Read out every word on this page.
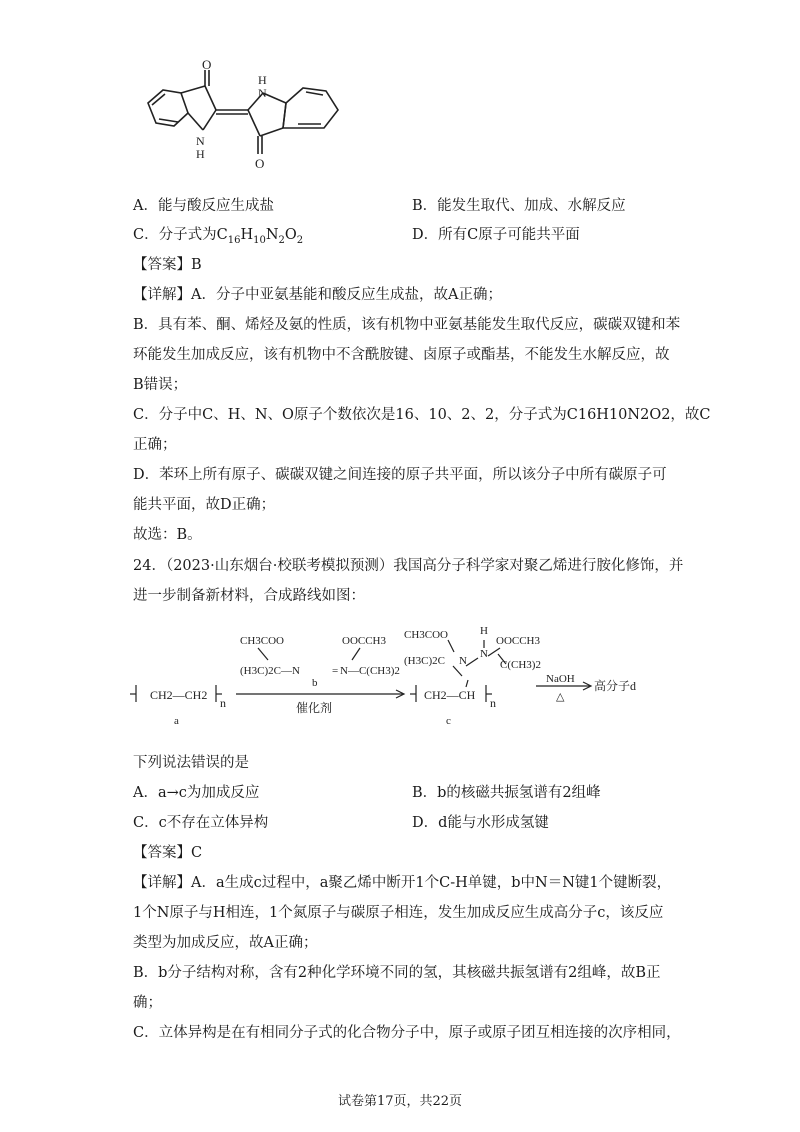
O
N
H
H
N
O
A．能与酸反应生成盐	B．能发生取代、加成、水解反应
C．分子式为$C_{16}H_{10}N_2O_2$	D．所有C原子可能共平面
【答案】B
【详解】A．分子中亚氨基能和酸反应生成盐，故A正确；
B．具有苯、酮、烯烃及氨的性质，该有机物中亚氨基能发生取代反应，碳碳双键和苯
环能发生加成反应，该有机物中不含酰胺键、卤原子或酯基，不能发生水解反应，故
B错误；
C．分子中C、H、N、O原子个数依次是16、10、2、2，分子式为C16H10N2O2，故C
正确；
D．苯环上所有原子、碳碳双键之间连接的原子共平面，所以该分子中所有碳原子可
能共平面，故D正确；
故选：B。
24．（2023·山东烟台·校联考模拟预测）我国高分子科学家对聚乙烯进行胺化修饰，并
进一步制备新材料，合成路线如图：
CH2—CH2
n
a
CH3COO	OOCCH3
(H3C)2C—N	= N—C(CH3)2
b
催化剂
CH3COO	H
OOCCH3
(H3C)2C N
N
C(CH3)2
CH2—CH
n
c
NaOH
△
高分子d
下列说法错误的是
A．a→c为加成反应	B．b的核磁共振氢谱有2组峰
C．c不存在立体异构	D．d能与水形成氢键
【答案】C
【详解】A．a生成c过程中，a聚乙烯中断开1个C-H单键，b中N＝N键1个键断裂，
1个N原子与H相连，1个氮原子与碳原子相连，发生加成反应生成高分子c，该反应
类型为加成反应，故A正确；
B．b分子结构对称，含有2种化学环境不同的氢，其核磁共振氢谱有2组峰，故B正
确；
C．立体异构是在有相同分子式的化合物分子中，原子或原子团互相连接的次序相同，
试卷第17页，共22页
